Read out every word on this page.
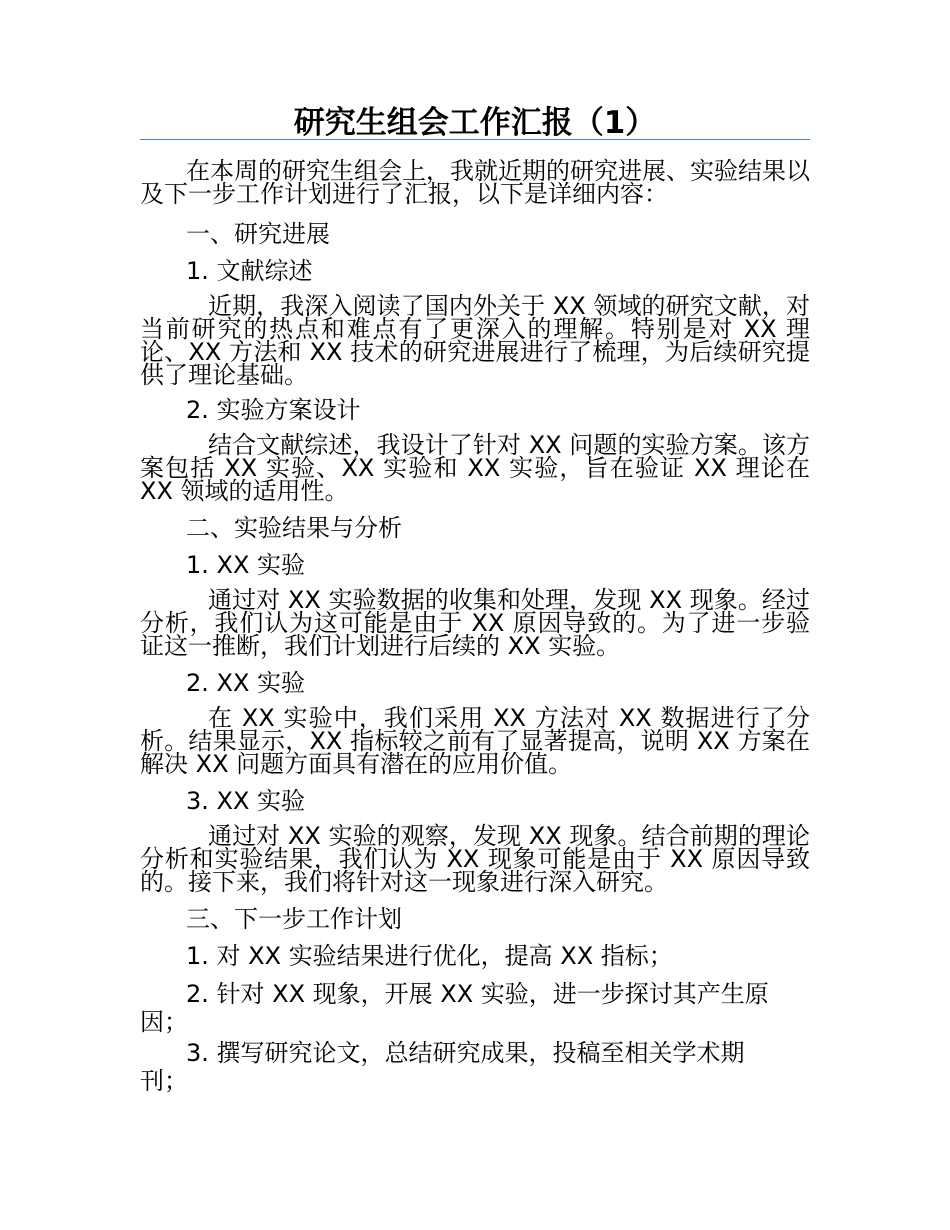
研究生组会工作汇报（1）

在本周的研究生组会上，我就近期的研究进展、实验结果以及下一步工作计划进行了汇报，以下是详细内容：

一、研究进展
1. 文献综述

近期，我深入阅读了国内外关于 XX 领域的研究文献，对当前研究的热点和难点有了更深入的理解。特别是对 XX 理论、XX 方法和 XX 技术的研究进展进行了梳理，为后续研究提供了理论基础。

2. 实验方案设计

结合文献综述，我设计了针对 XX 问题的实验方案。该方案包括 XX 实验、XX 实验和 XX 实验，旨在验证 XX 理论在 XX 领域的适用性。

二、实验结果与分析
1. XX 实验

通过对 XX 实验数据的收集和处理，发现 XX 现象。经过分析，我们认为这可能是由于 XX 原因导致的。为了进一步验证这一推断，我们计划进行后续的 XX 实验。

2. XX 实验

在 XX 实验中，我们采用 XX 方法对 XX 数据进行了分析。结果显示，XX 指标较之前有了显著提高，说明 XX 方案在解决 XX 问题方面具有潜在的应用价值。

3. XX 实验

通过对 XX 实验的观察，发现 XX 现象。结合前期的理论分析和实验结果，我们认为 XX 现象可能是由于 XX 原因导致的。接下来，我们将针对这一现象进行深入研究。

三、下一步工作计划
1. 对 XX 实验结果进行优化，提高 XX 指标；
2. 针对 XX 现象，开展 XX 实验，进一步探讨其产生原因；
3. 撰写研究论文，总结研究成果，投稿至相关学术期刊；
